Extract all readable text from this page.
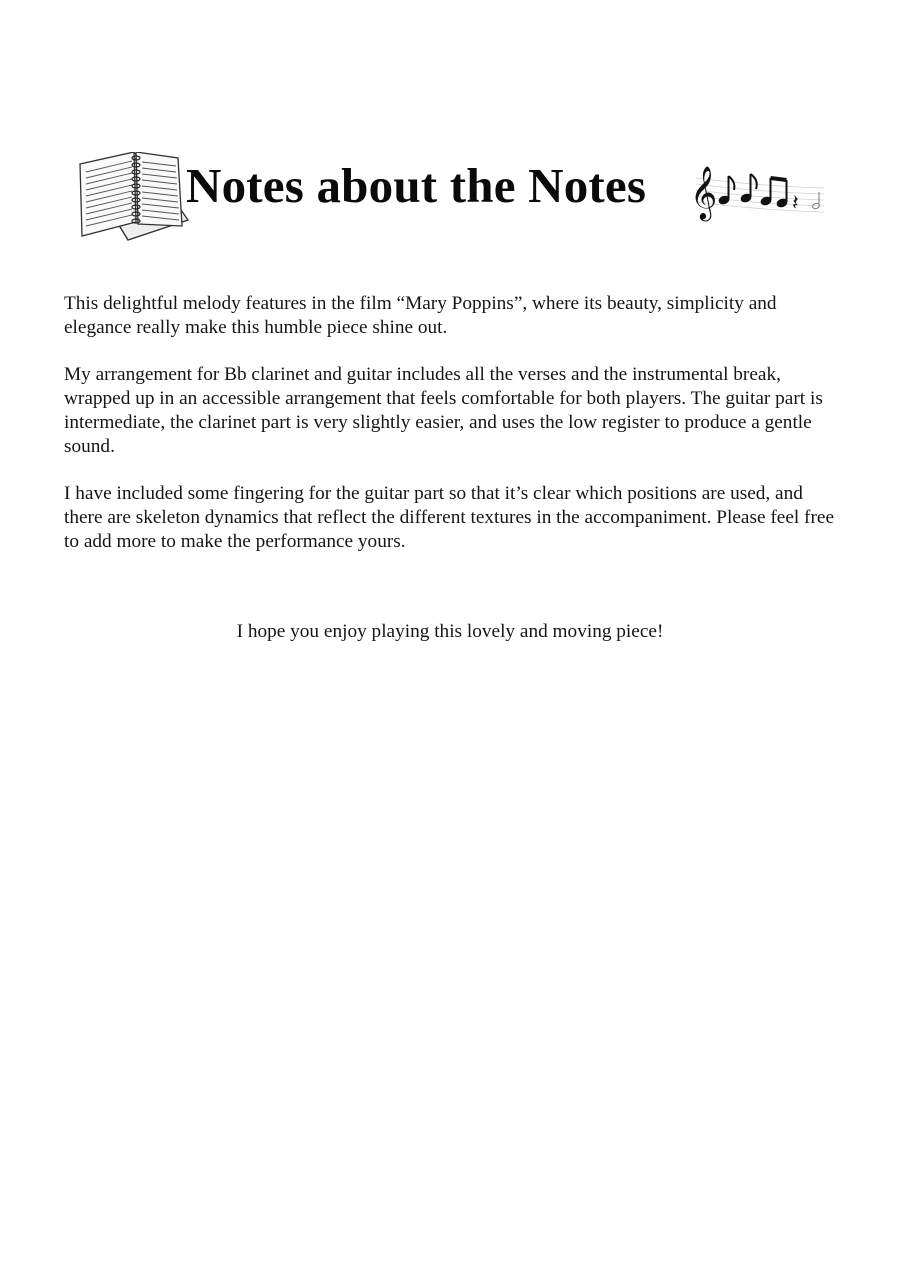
Notes about the Notes 𝄞	𝄽

This delightful melody features in the film “Mary Poppins”, where its beauty, simplicity and elegance really make this humble piece shine out.

My arrangement for Bb clarinet and guitar includes all the verses and the instrumental break, wrapped up in an accessible arrangement that feels comfortable for both players. The guitar part is intermediate, the clarinet part is very slightly easier, and uses the low register to produce a gentle sound.

I have included some fingering for the guitar part so that it’s clear which positions are used, and there are skeleton dynamics that reflect the different textures in the accompaniment. Please feel free to add more to make the performance yours.

I hope you enjoy playing this lovely and moving piece!
